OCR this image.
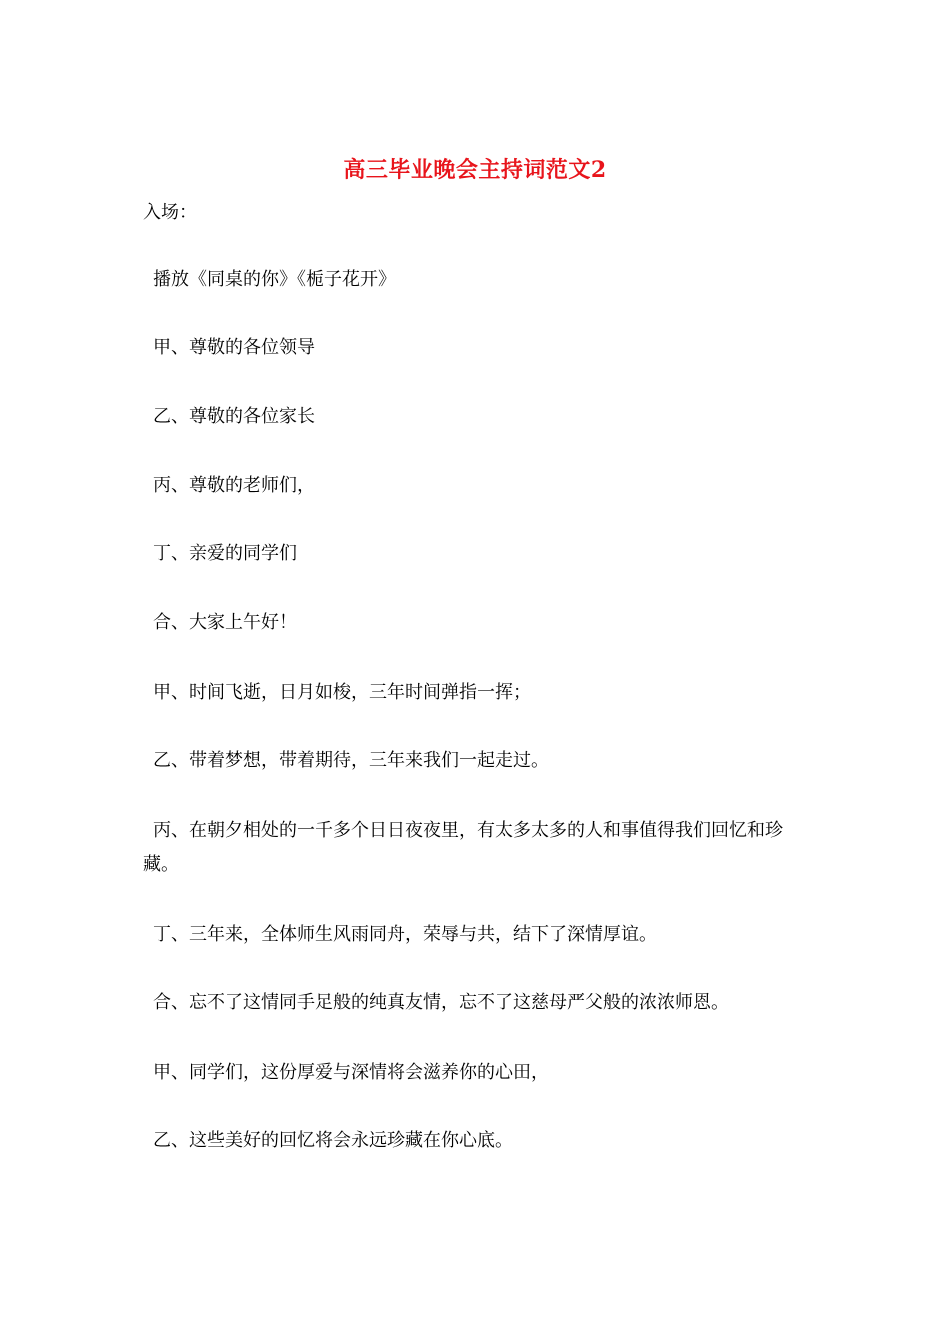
高三毕业晚会主持词范文2
入场：
播放《同桌的你》《栀子花开》
甲、尊敬的各位领导
乙、尊敬的各位家长
丙、尊敬的老师们，
丁、亲爱的同学们
合、大家上午好！
甲、时间飞逝，日月如梭，三年时间弹指一挥；
乙、带着梦想，带着期待，三年来我们一起走过。
丙、在朝夕相处的一千多个日日夜夜里，有太多太多的人和事值得我们回忆和珍藏。
丁、三年来，全体师生风雨同舟，荣辱与共，结下了深情厚谊。
合、忘不了这情同手足般的纯真友情，忘不了这慈母严父般的浓浓师恩。
甲、同学们，这份厚爱与深情将会滋养你的心田，
乙、这些美好的回忆将会永远珍藏在你心底。
